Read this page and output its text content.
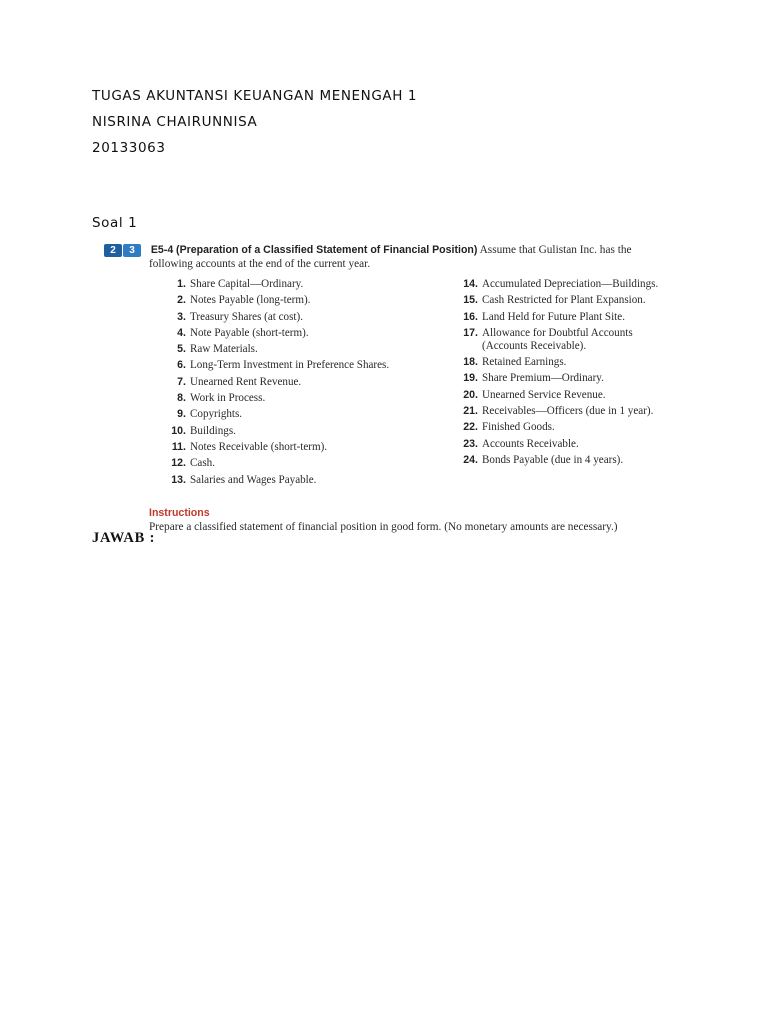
TUGAS AKUNTANSI KEUANGAN MENENGAH 1
NISRINA CHAIRUNNISA
20133063
Soal 1
2 3 E5-4 (Preparation of a Classified Statement of Financial Position) Assume that Gulistan Inc. has the
following accounts at the end of the current year.
1. Share Capital—Ordinary.
2. Notes Payable (long-term).
3. Treasury Shares (at cost).
4. Note Payable (short-term).
5. Raw Materials.
6. Long-Term Investment in Preference Shares.
7. Unearned Rent Revenue.
8. Work in Process.
9. Copyrights.
10. Buildings.
11. Notes Receivable (short-term).
12. Cash.
13. Salaries and Wages Payable.
14. Accumulated Depreciation—Buildings.
15. Cash Restricted for Plant Expansion.
16. Land Held for Future Plant Site.
17. Allowance for Doubtful Accounts
(Accounts Receivable).
18. Retained Earnings.
19. Share Premium—Ordinary.
20. Unearned Service Revenue.
21. Receivables—Officers (due in 1 year).
22. Finished Goods.
23. Accounts Receivable.
24. Bonds Payable (due in 4 years).
Instructions
Prepare a classified statement of financial position in good form. (No monetary amounts are necessary.)
JAWAB :
